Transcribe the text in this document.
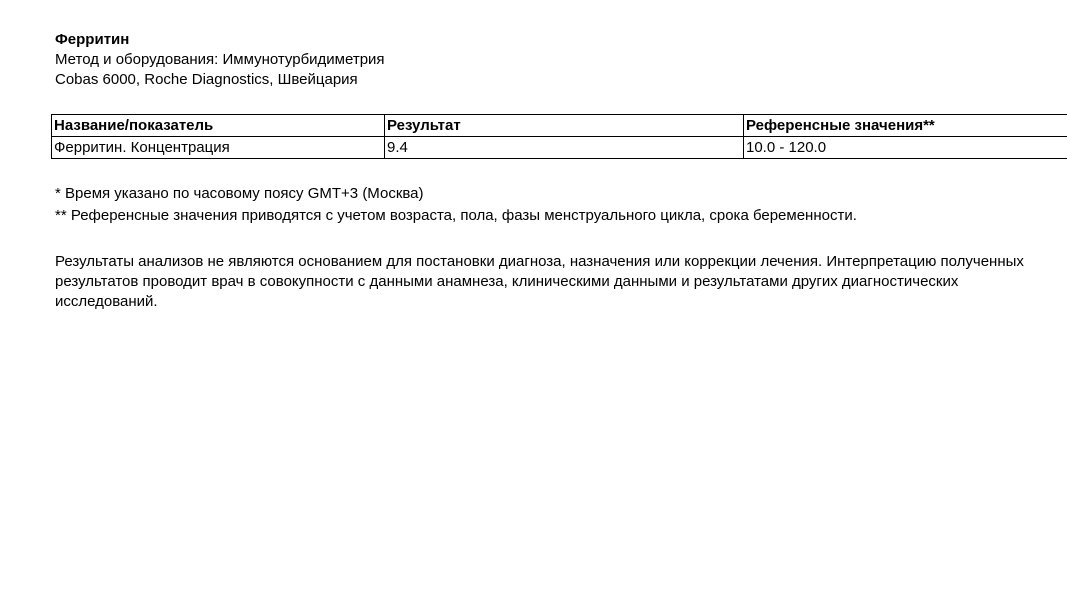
Ферритин

Метод и оборудования: Иммунотурбидиметрия

Cobas 6000, Roche Diagnostics, Швейцария

Название/показатель	Результат	Референсные значения**
Ферритин. Концентрация	9.4	10.0 - 120.0

* Время указано по часовому поясу GMT+3 (Москва)

** Референсные значения приводятся с учетом возраста, пола, фазы менструального цикла, срока беременности.

Результаты анализов не являются основанием для постановки диагноза, назначения или коррекции лечения. Интерпретацию полученных результатов проводит врач в совокупности с данными анамнеза, клиническими данными и результатами других диагностических исследований.
